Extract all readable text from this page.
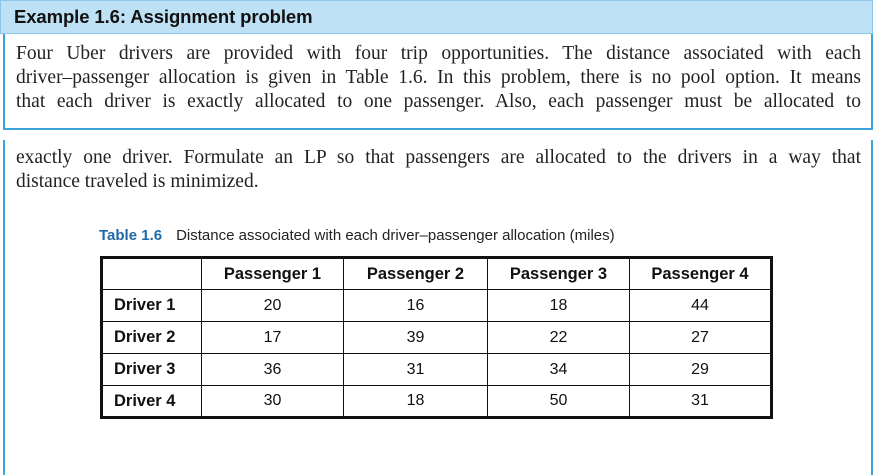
Example 1.6: Assignment problem
Four Uber drivers are provided with four trip opportunities. The distance associated with each
driver–passenger allocation is given in Table 1.6. In this problem, there is no pool option. It means
that each driver is exactly allocated to one passenger. Also, each passenger must be allocated to
exactly one driver. Formulate an LP so that passengers are allocated to the drivers in a way that
distance traveled is minimized.
Table 1.6 Distance associated with each driver–passenger allocation (miles)
	Passenger 1	Passenger 2	Passenger 3	Passenger 4
Driver 1	20	16	18	44
Driver 2	17	39	22	27
Driver 3	36	31	34	29
Driver 4	30	18	50	31
